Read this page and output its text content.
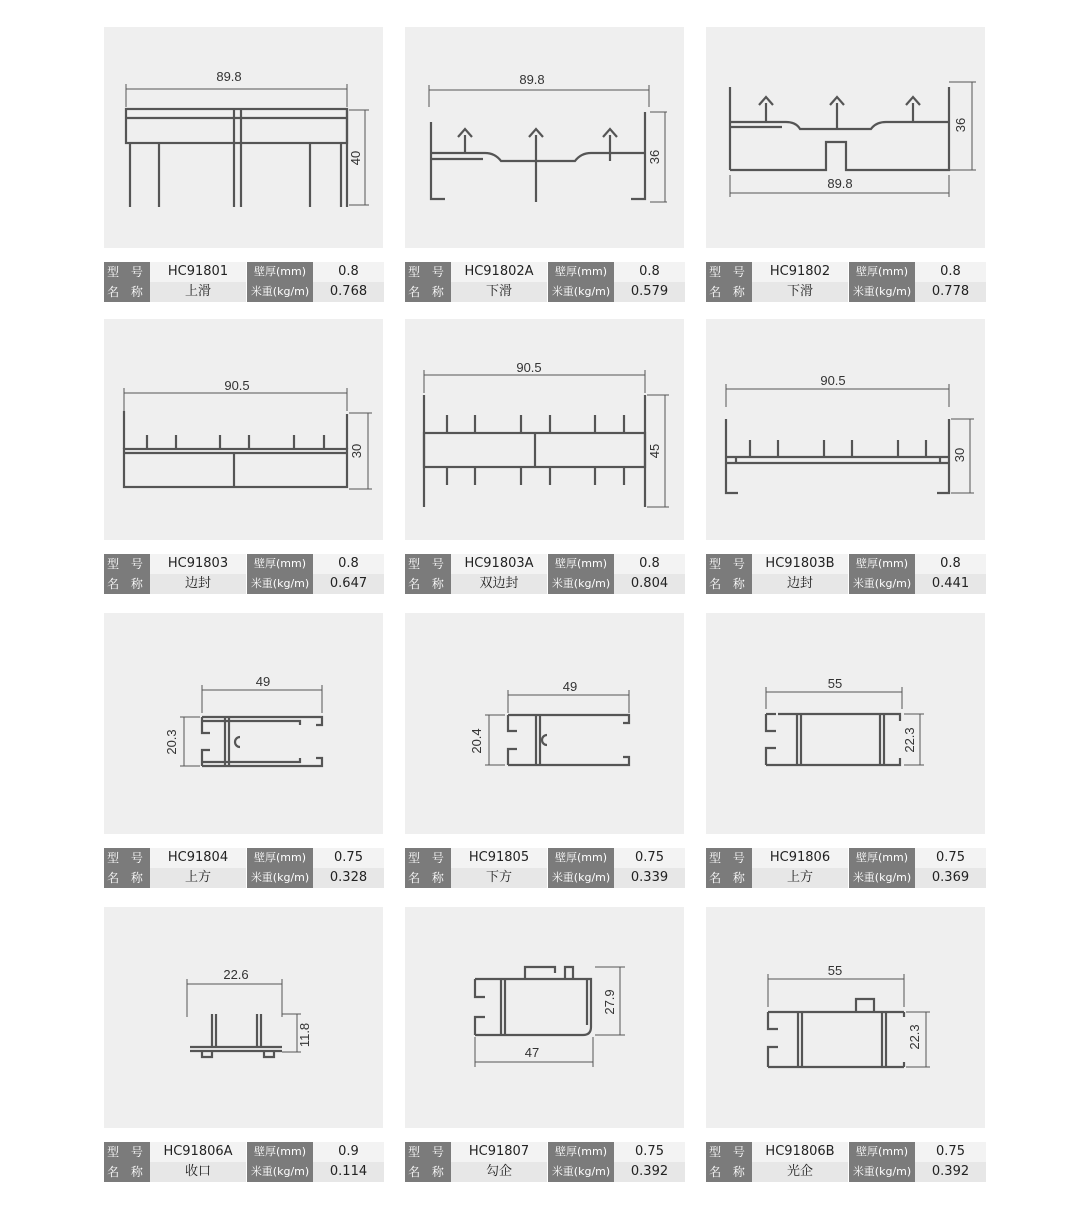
89.8
40
型 号	HC91801	壁厚(mm)	0.8
名 称	上滑	米重(kg/m)	0.768
89.8
36
型 号	HC91802A	壁厚(mm)	0.8
名 称	下滑	米重(kg/m)	0.579
89.8
36
型 号	HC91802	壁厚(mm)	0.8
名 称	下滑	米重(kg/m)	0.778
90.5
30
型 号	HC91803	壁厚(mm)	0.8
名 称	边封	米重(kg/m)	0.647
90.5
45
型 号	HC91803A	壁厚(mm)	0.8
名 称	双边封	米重(kg/m)	0.804
90.5
30
型 号	HC91803B	壁厚(mm)	0.8
名 称	边封	米重(kg/m)	0.441
49
20.3
型 号	HC91804	壁厚(mm)	0.75
名 称	上方	米重(kg/m)	0.328
49
20.4
型 号	HC91805	壁厚(mm)	0.75
名 称	下方	米重(kg/m)	0.339
55
22.3
型 号	HC91806	壁厚(mm)	0.75
名 称	上方	米重(kg/m)	0.369
22.6
11.8
型 号	HC91806A	壁厚(mm)	0.9
名 称	收口	米重(kg/m)	0.114
47
27.9
型 号	HC91807	壁厚(mm)	0.75
名 称	勾企	米重(kg/m)	0.392
55
22.3
型 号	HC91806B	壁厚(mm)	0.75
名 称	光企	米重(kg/m)	0.392
